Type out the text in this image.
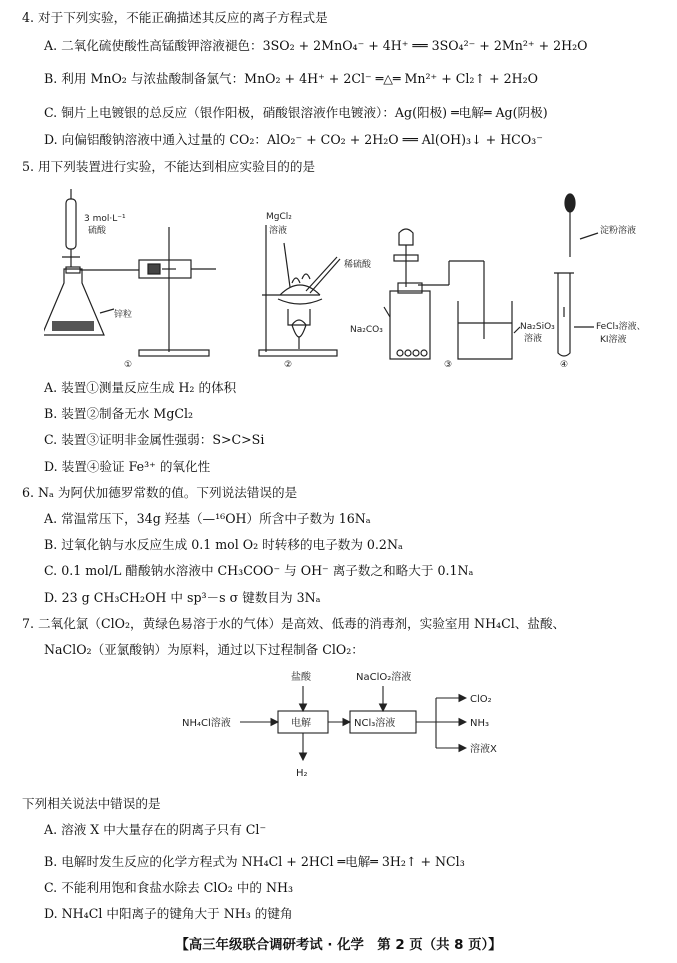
4. 对于下列实验，不能正确描述其反应的离子方程式是
A. 二氧化硫使酸性高锰酸钾溶液褪色：3SO₂ + 2MnO₄⁻ + 4H⁺ ══ 3SO₄²⁻ + 2Mn²⁺ + 2H₂O
B. 利用 MnO₂ 与浓盐酸制备氯气：MnO₂ + 4H⁺ + 2Cl⁻ ═△═ Mn²⁺ + Cl₂↑ + 2H₂O
C. 铜片上电镀银的总反应（银作阳极，硝酸银溶液作电镀液）：Ag(阳极) ═电解═ Ag(阴极)
D. 向偏铝酸钠溶液中通入过量的 CO₂：AlO₂⁻ + CO₂ + 2H₂O ══ Al(OH)₃↓ + HCO₃⁻
5. 用下列装置进行实验，不能达到相应实验目的的是
3 mol·L⁻¹
硫酸
锌粒
MgCl₂
溶液
稀硫酸
Na₂CO₃	Na₂SiO₃
溶液
淀粉溶液
FeCl₃溶液、
KI溶液
①	②	③	④
A. 装置①测量反应生成 H₂ 的体积
B. 装置②制备无水 MgCl₂
C. 装置③证明非金属性强弱：S>C>Si
D. 装置④验证 Fe³⁺ 的氧化性
6. Nₐ 为阿伏加德罗常数的值。下列说法错误的是
A. 常温常压下，34g 羟基（—¹⁶OH）所含中子数为 16Nₐ
B. 过氧化钠与水反应生成 0.1 mol O₂ 时转移的电子数为 0.2Nₐ
C. 0.1 mol/L 醋酸钠水溶液中 CH₃COO⁻ 与 OH⁻ 离子数之和略大于 0.1Nₐ
D. 23 g CH₃CH₂OH 中 sp³－s σ 键数目为 3Nₐ
7. 二氧化氯（ClO₂，黄绿色易溶于水的气体）是高效、低毒的消毒剂，实验室用 NH₄Cl、盐酸、
NaClO₂（亚氯酸钠）为原料，通过以下过程制备 ClO₂：
盐酸	NaClO₂溶液
NH₄Cl溶液	电解	NCl₃溶液
H₂
ClO₂
NH₃
溶液X
下列相关说法中错误的是
A. 溶液 X 中大量存在的阴离子只有 Cl⁻
B. 电解时发生反应的化学方程式为 NH₄Cl + 2HCl ═电解═ 3H₂↑ + NCl₃
C. 不能利用饱和食盐水除去 ClO₂ 中的 NH₃
D. NH₄Cl 中阳离子的键角大于 NH₃ 的键角
【高三年级联合调研考试 · 化学　第 2 页（共 8 页）】
